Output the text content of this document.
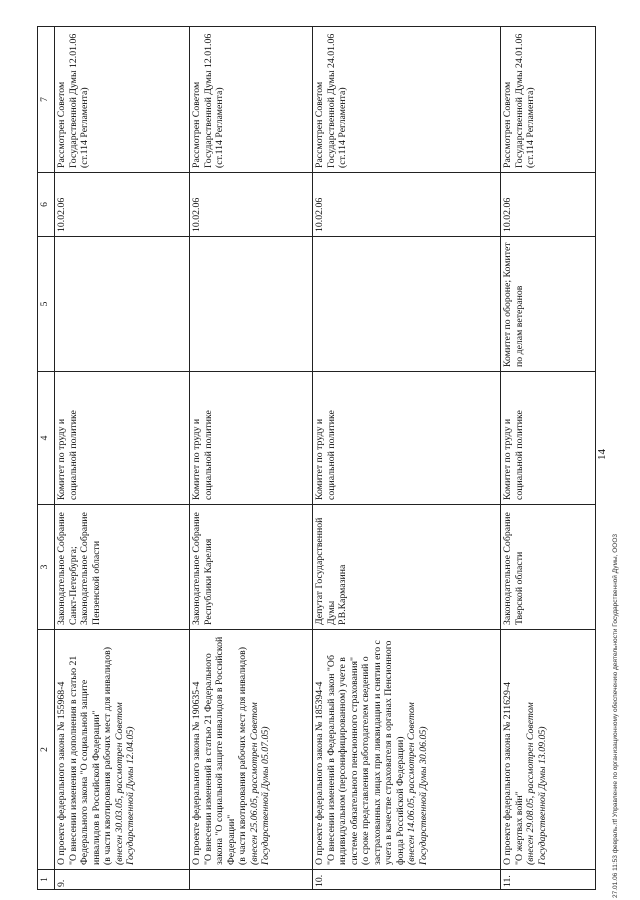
14
1	2	3	4	5	6	7
9.	О проекте федерального закона № 155968-4 "О внесении изменения и дополнения в статью 21 Федерального закона "О социальной защите инвалидов в Российской Федерации" (в части квотирования рабочих мест для инвалидов) (внесен 30.03.05, рассмотрен Советом Государственной Думы 12.04.05)	Законодательное Собрание Санкт-Петербурга; Законодательное Собрание Пензенской области	Комитет по труду и социальной политике		10.02.06	Рассмотрен Советом Государственной Думы 12.01.06 (ст.114 Регламента)

	О проекте федерального закона № 190635-4 "О внесении изменений в статью 21 Федерального закона "О социальной защите инвалидов в Российской Федерации" (в части квотирования рабочих мест для инвалидов) (внесен 25.06.05, рассмотрен Советом Государственной Думы 05.07.05)	Законодательное Собрание Республики Карелия	Комитет по труду и социальной политике		10.02.06	Рассмотрен Советом Государственной Думы 12.01.06 (ст.114 Регламента)
10.	О проекте федерального закона № 185394-4 "О внесении изменений в Федеральный закон "Об индивидуальном (персонифицированном) учете в системе обязательного пенсионного страхования" (о сроке представления работодателем сведений о застрахованных лицах при ликвидации и снятии его с учета в качестве страхователя в органах Пенсионного фонда Российской Федерации) (внесен 14.06.05, рассмотрен Советом Государственной Думы 30.06.05)	Депутат Государственной Думы Р.В.Кармазина	Комитет по труду и социальной политике		10.02.06	Рассмотрен Советом Государственной Думы 24.01.06 (ст.114 Регламента)
11.	О проекте федерального закона № 211629-4 "О жертвах войн" (внесен 29.08.05, рассмотрен Советом Государственной Думы 13.09.05)	Законодательное Собрание Тверской области	Комитет по труду и социальной политике	Комитет по обороне; Комитет по делам ветеранов	10.02.06	Рассмотрен Советом Государственной Думы 24.01.06 (ст.114 Регламента)
27.01.06 11:53 февраль.rtf Управление по организационному обеспечению деятельности Государственной Думы, ООО3
